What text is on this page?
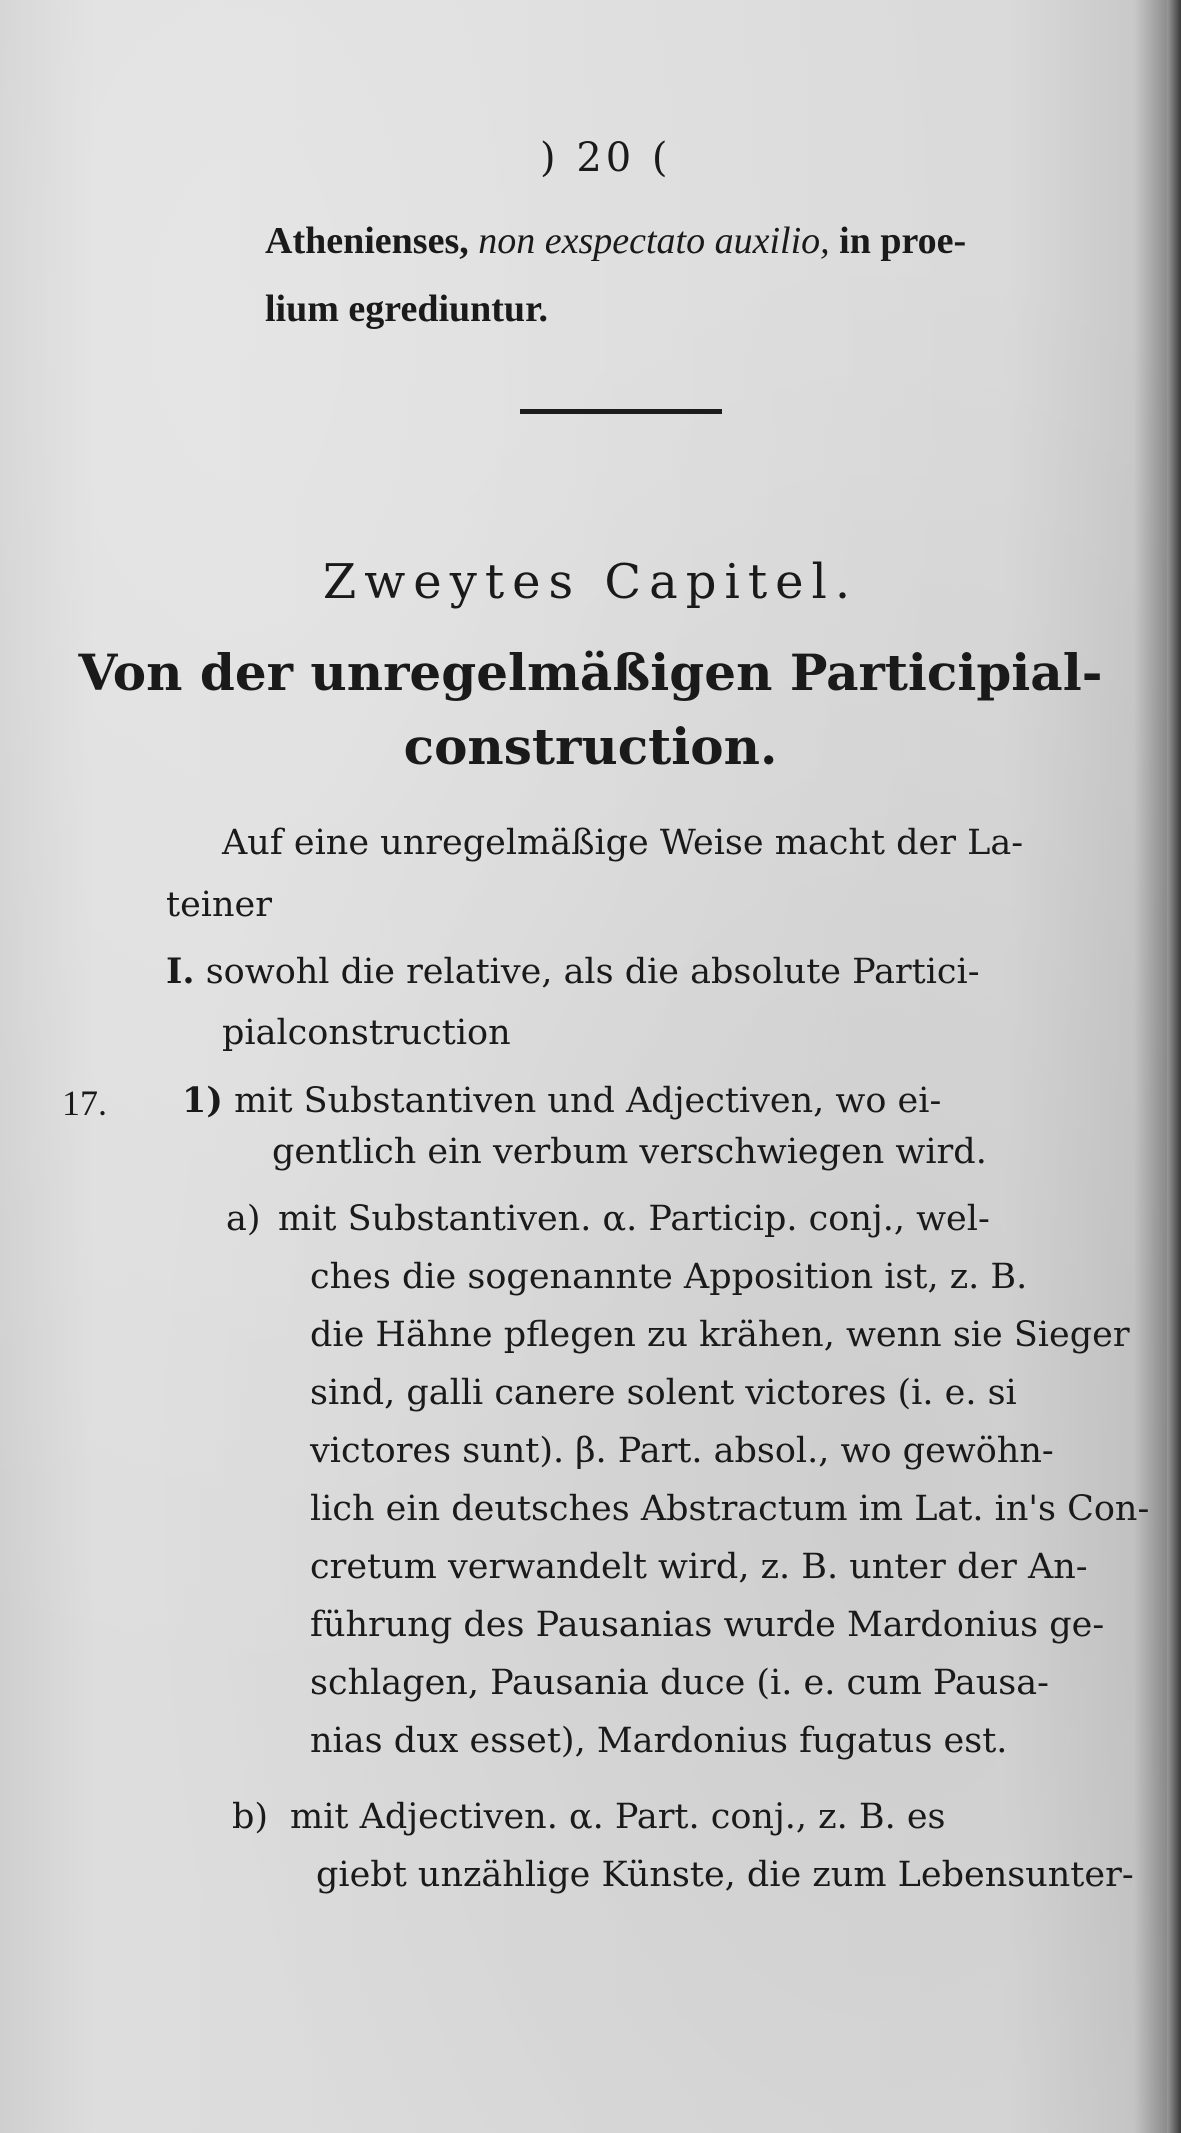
) 20 (
Athenienses, non exspectato auxilio, in proe-
lium egrediuntur.
Zweytes Capitel.
Von der unregelmäßigen Participial-
construction.
Auf eine unregelmäßige Weise macht der La-
teiner
I. sowohl die relative, als die absolute Partici-
pialconstruction
17. 1) mit Substantiven und Adjectiven, wo ei-
gentlich ein verbum verschwiegen wird.
a) mit Substantiven. α. Particip. conj., wel-
ches die sogenannte Apposition ist, z. B.
die Hähne pflegen zu krähen, wenn sie Sieger
sind, galli canere solent victores (i. e. si
victores sunt). β. Part. absol., wo gewöhn-
lich ein deutsches Abstractum im Lat. in's Con-
cretum verwandelt wird, z. B. unter der An-
führung des Pausanias wurde Mardonius ge-
schlagen, Pausania duce (i. e. cum Pausa-
nias dux esset), Mardonius fugatus est.
b) mit Adjectiven. α. Part. conj., z. B. es
giebt unzählige Künste, die zum Lebensunter-
